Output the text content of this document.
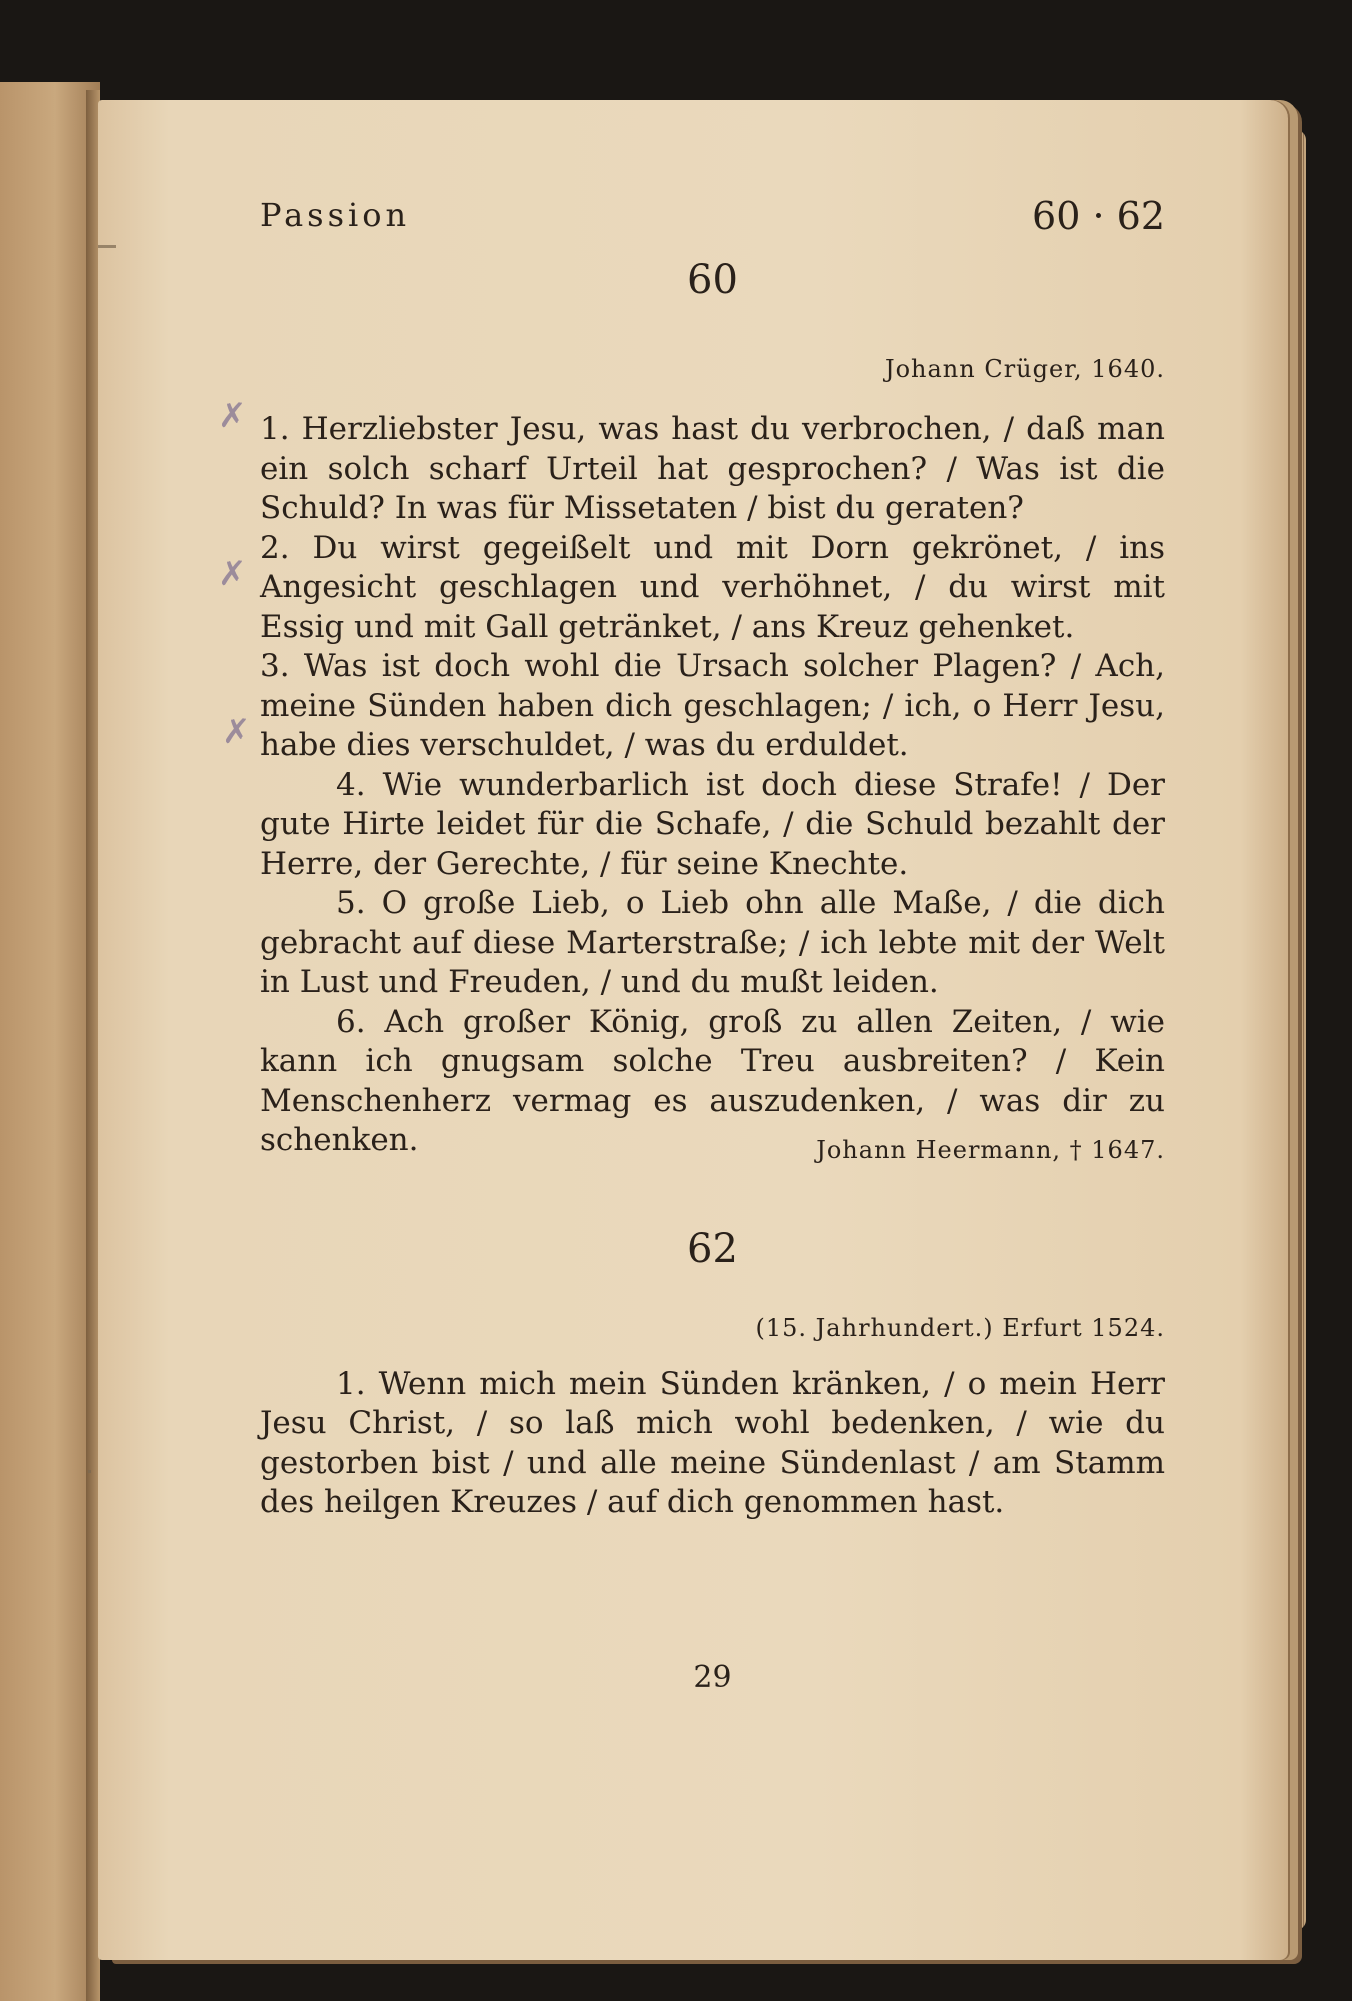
Passion	60 · 62
60
Johann Crüger, 1640.

1. Herzliebster Jesu, was hast du verbrochen, / daß man ein solch scharf Urteil hat gesprochen? / Was ist die Schuld? In was für Missetaten / bist du geraten?

2. Du wirst gegeißelt und mit Dorn gekrönet, / ins Angesicht geschlagen und verhöhnet, / du wirst mit Essig und mit Gall getränket, / ans Kreuz gehenket.

3. Was ist doch wohl die Ursach solcher Plagen? / Ach, meine Sünden haben dich geschlagen; / ich, o Herr Jesu, habe dies verschuldet, / was du erduldet.

4. Wie wunderbarlich ist doch diese Strafe! / Der gute Hirte leidet für die Schafe, / die Schuld bezahlt der Herre, der Gerechte, / für seine Knechte.

5. O große Lieb, o Lieb ohn alle Maße, / die dich gebracht auf diese Marterstraße; / ich lebte mit der Welt in Lust und Freuden, / und du mußt leiden.

6. Ach großer König, groß zu allen Zeiten, / wie kann ich gnugsam solche Treu ausbreiten? / Kein Menschenherz vermag es auszudenken, / was dir zu schenken.	Johann Heermann, † 1647.
62
(15. Jahrhundert.) Erfurt 1524.

1. Wenn mich mein Sünden kränken, / o mein Herr Jesu Christ, / so laß mich wohl bedenken, / wie du gestorben bist / und alle meine Sündenlast / am Stamm des heilgen Kreuzes / auf dich genommen hast.

29
✗
✗
✗
